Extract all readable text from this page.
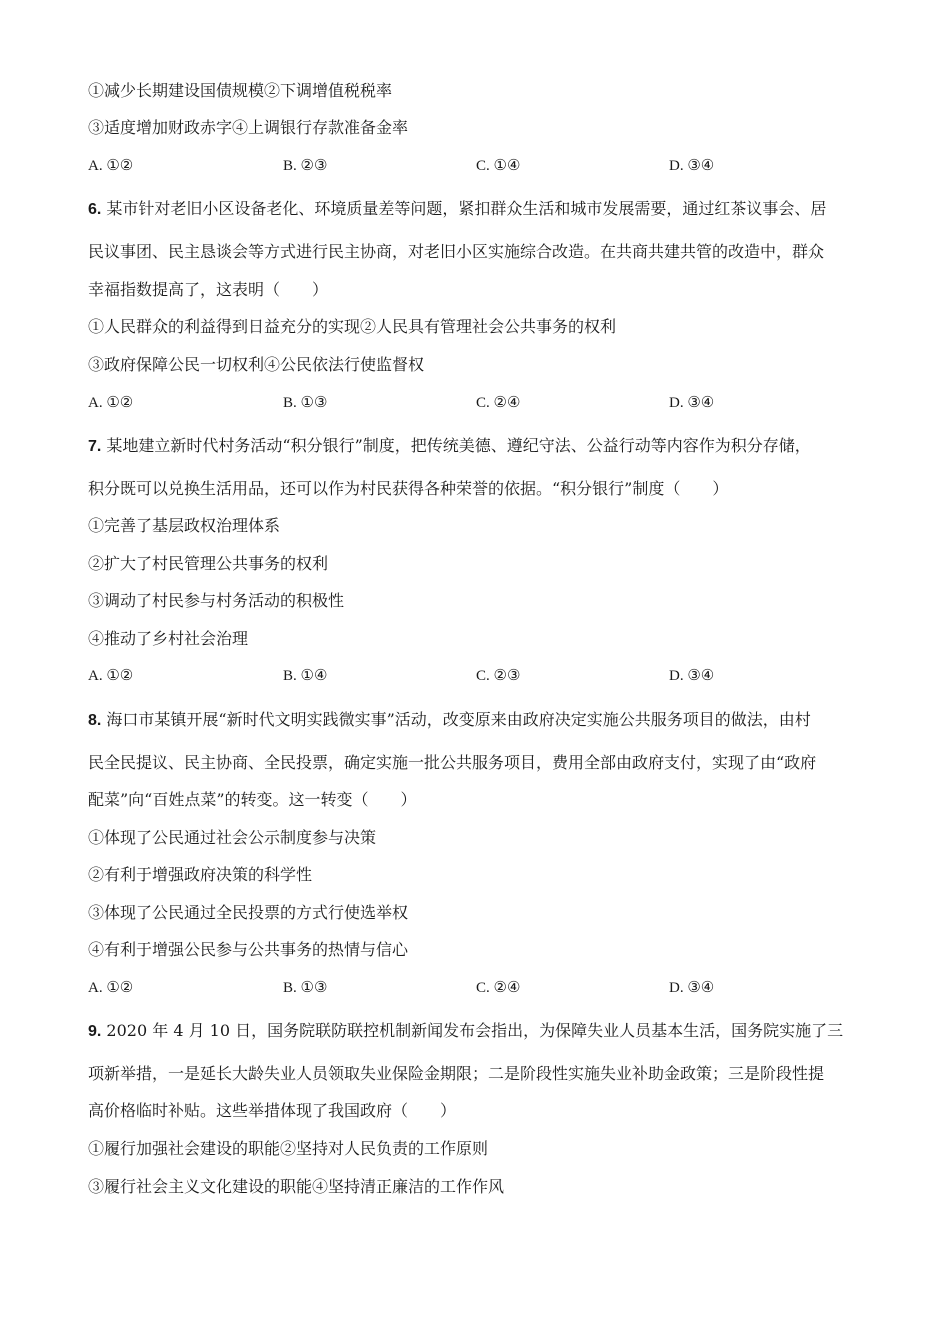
①减少长期建设国债规模②下调增值税税率
③适度增加财政赤字④上调银行存款准备金率
A. ①②	B. ②③	C. ①④	D. ③④
6. 某市针对老旧小区设备老化、环境质量差等问题，紧扣群众生活和城市发展需要，通过红茶议事会、居
民议事团、民主恳谈会等方式进行民主协商，对老旧小区实施综合改造。在共商共建共管的改造中，群众
幸福指数提高了，这表明（　　）
①人民群众的利益得到日益充分的实现②人民具有管理社会公共事务的权利
③政府保障公民一切权利④公民依法行使监督权
A. ①②	B. ①③	C. ②④	D. ③④
7. 某地建立新时代村务活动“积分银行”制度，把传统美德、遵纪守法、公益行动等内容作为积分存储，
积分既可以兑换生活用品，还可以作为村民获得各种荣誉的依据。“积分银行”制度（　　）
①完善了基层政权治理体系
②扩大了村民管理公共事务的权利
③调动了村民参与村务活动的积极性
④推动了乡村社会治理
A. ①②	B. ①④	C. ②③	D. ③④
8. 海口市某镇开展“新时代文明实践微实事”活动，改变原来由政府决定实施公共服务项目的做法，由村
民全民提议、民主协商、全民投票，确定实施一批公共服务项目，费用全部由政府支付，实现了由“政府
配菜”向“百姓点菜”的转变。这一转变（　　）
①体现了公民通过社会公示制度参与决策
②有利于增强政府决策的科学性
③体现了公民通过全民投票的方式行使选举权
④有利于增强公民参与公共事务的热情与信心
A. ①②	B. ①③	C. ②④	D. ③④
9. 2020 年 4 月 10 日，国务院联防联控机制新闻发布会指出，为保障失业人员基本生活，国务院实施了三
项新举措，一是延长大龄失业人员领取失业保险金期限；二是阶段性实施失业补助金政策；三是阶段性提
高价格临时补贴。这些举措体现了我国政府（　　）
①履行加强社会建设的职能②坚持对人民负责的工作原则
③履行社会主义文化建设的职能④坚持清正廉洁的工作作风
